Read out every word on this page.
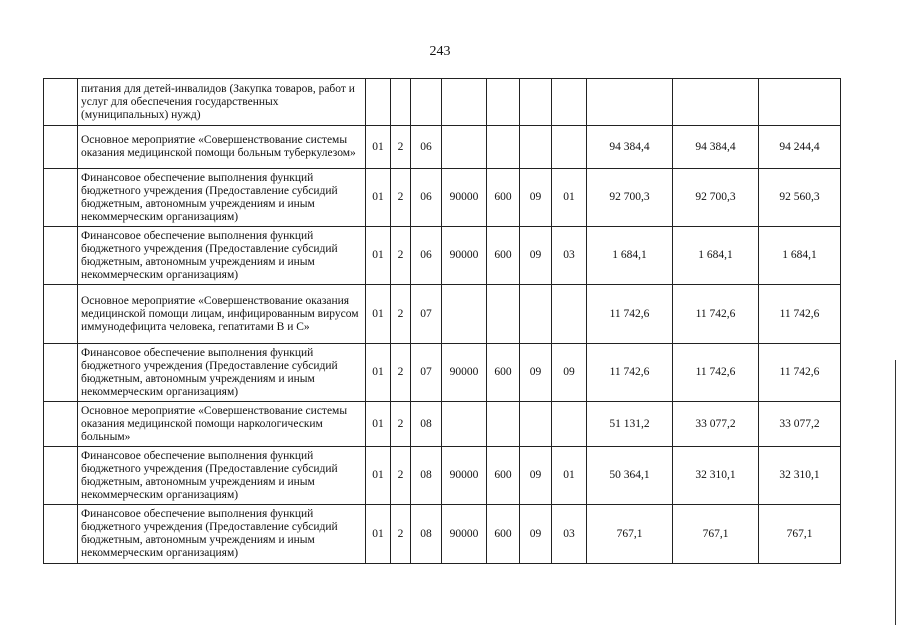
243
	питания для детей-инвалидов (Закупка товаров, работ и услуг для обеспечения государственных (муниципальных) нужд)										
	Основное мероприятие «Совершенствование системы оказания медицинской помощи больным туберкулезом»	01	2	06					94 384,4	94 384,4	94 244,4
	Финансовое обеспечение выполнения функций бюджетного учреждения (Предоставление субсидий бюджетным, автономным учреждениям и иным некоммерческим организациям)	01	2	06	90000	600	09	01	92 700,3	92 700,3	92 560,3
	Финансовое обеспечение выполнения функций бюджетного учреждения (Предоставление субсидий бюджетным, автономным учреждениям и иным некоммерческим организациям)	01	2	06	90000	600	09	03	1 684,1	1 684,1	1 684,1
	Основное мероприятие «Совершенствование оказания медицинской помощи лицам, инфицированным вирусом иммунодефицита человека, гепатитами В и С»	01	2	07					11 742,6	11 742,6	11 742,6
	Финансовое обеспечение выполнения функций бюджетного учреждения (Предоставление субсидий бюджетным, автономным учреждениям и иным некоммерческим организациям)	01	2	07	90000	600	09	09	11 742,6	11 742,6	11 742,6
	Основное мероприятие «Совершенствование системы оказания медицинской помощи наркологическим больным»	01	2	08					51 131,2	33 077,2	33 077,2
	Финансовое обеспечение выполнения функций бюджетного учреждения (Предоставление субсидий бюджетным, автономным учреждениям и иным некоммерческим организациям)	01	2	08	90000	600	09	01	50 364,1	32 310,1	32 310,1
	Финансовое обеспечение выполнения функций бюджетного учреждения (Предоставление субсидий бюджетным, автономным учреждениям и иным некоммерческим организациям)	01	2	08	90000	600	09	03	767,1	767,1	767,1
